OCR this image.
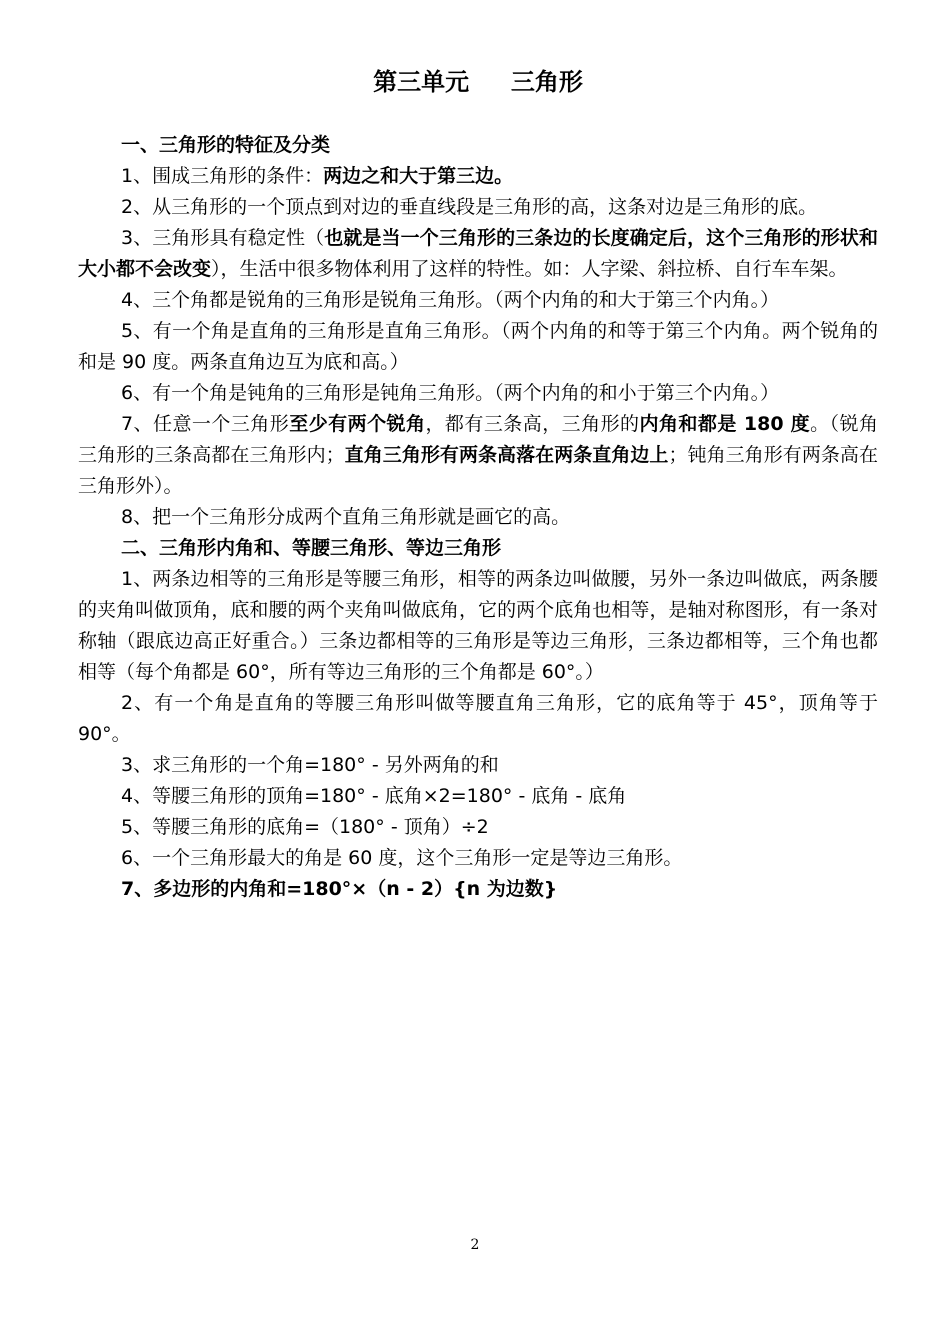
第三单元     三角形

一、三角形的特征及分类

1、围成三角形的条件：两边之和大于第三边。

2、从三角形的一个顶点到对边的垂直线段是三角形的高，这条对边是三角形的底。

3、三角形具有稳定性（也就是当一个三角形的三条边的长度确定后，这个三角形的形状和大小都不会改变），生活中很多物体利用了这样的特性。如：人字梁、斜拉桥、自行车车架。

4、三个角都是锐角的三角形是锐角三角形。（两个内角的和大于第三个内角。）

5、有一个角是直角的三角形是直角三角形。（两个内角的和等于第三个内角。两个锐角的和是 90 度。两条直角边互为底和高。）

6、有一个角是钝角的三角形是钝角三角形。（两个内角的和小于第三个内角。）

7、任意一个三角形至少有两个锐角，都有三条高，三角形的内角和都是 180 度。（锐角三角形的三条高都在三角形内；直角三角形有两条高落在两条直角边上；钝角三角形有两条高在三角形外）。

8、把一个三角形分成两个直角三角形就是画它的高。

二、三角形内角和、等腰三角形、等边三角形

1、两条边相等的三角形是等腰三角形，相等的两条边叫做腰，另外一条边叫做底，两条腰的夹角叫做顶角，底和腰的两个夹角叫做底角，它的两个底角也相等，是轴对称图形，有一条对称轴（跟底边高正好重合。）三条边都相等的三角形是等边三角形，三条边都相等，三个角也都相等（每个角都是 60°，所有等边三角形的三个角都是 60°。）

2、有一个角是直角的等腰三角形叫做等腰直角三角形，它的底角等于 45°，顶角等于 90°。

3、求三角形的一个角=180° - 另外两角的和

4、等腰三角形的顶角=180° - 底角×2=180° - 底角 - 底角

5、等腰三角形的底角=（180° - 顶角）÷2

6、一个三角形最大的角是 60 度，这个三角形一定是等边三角形。

7、多边形的内角和=180°×（n - 2）{n 为边数}

2
